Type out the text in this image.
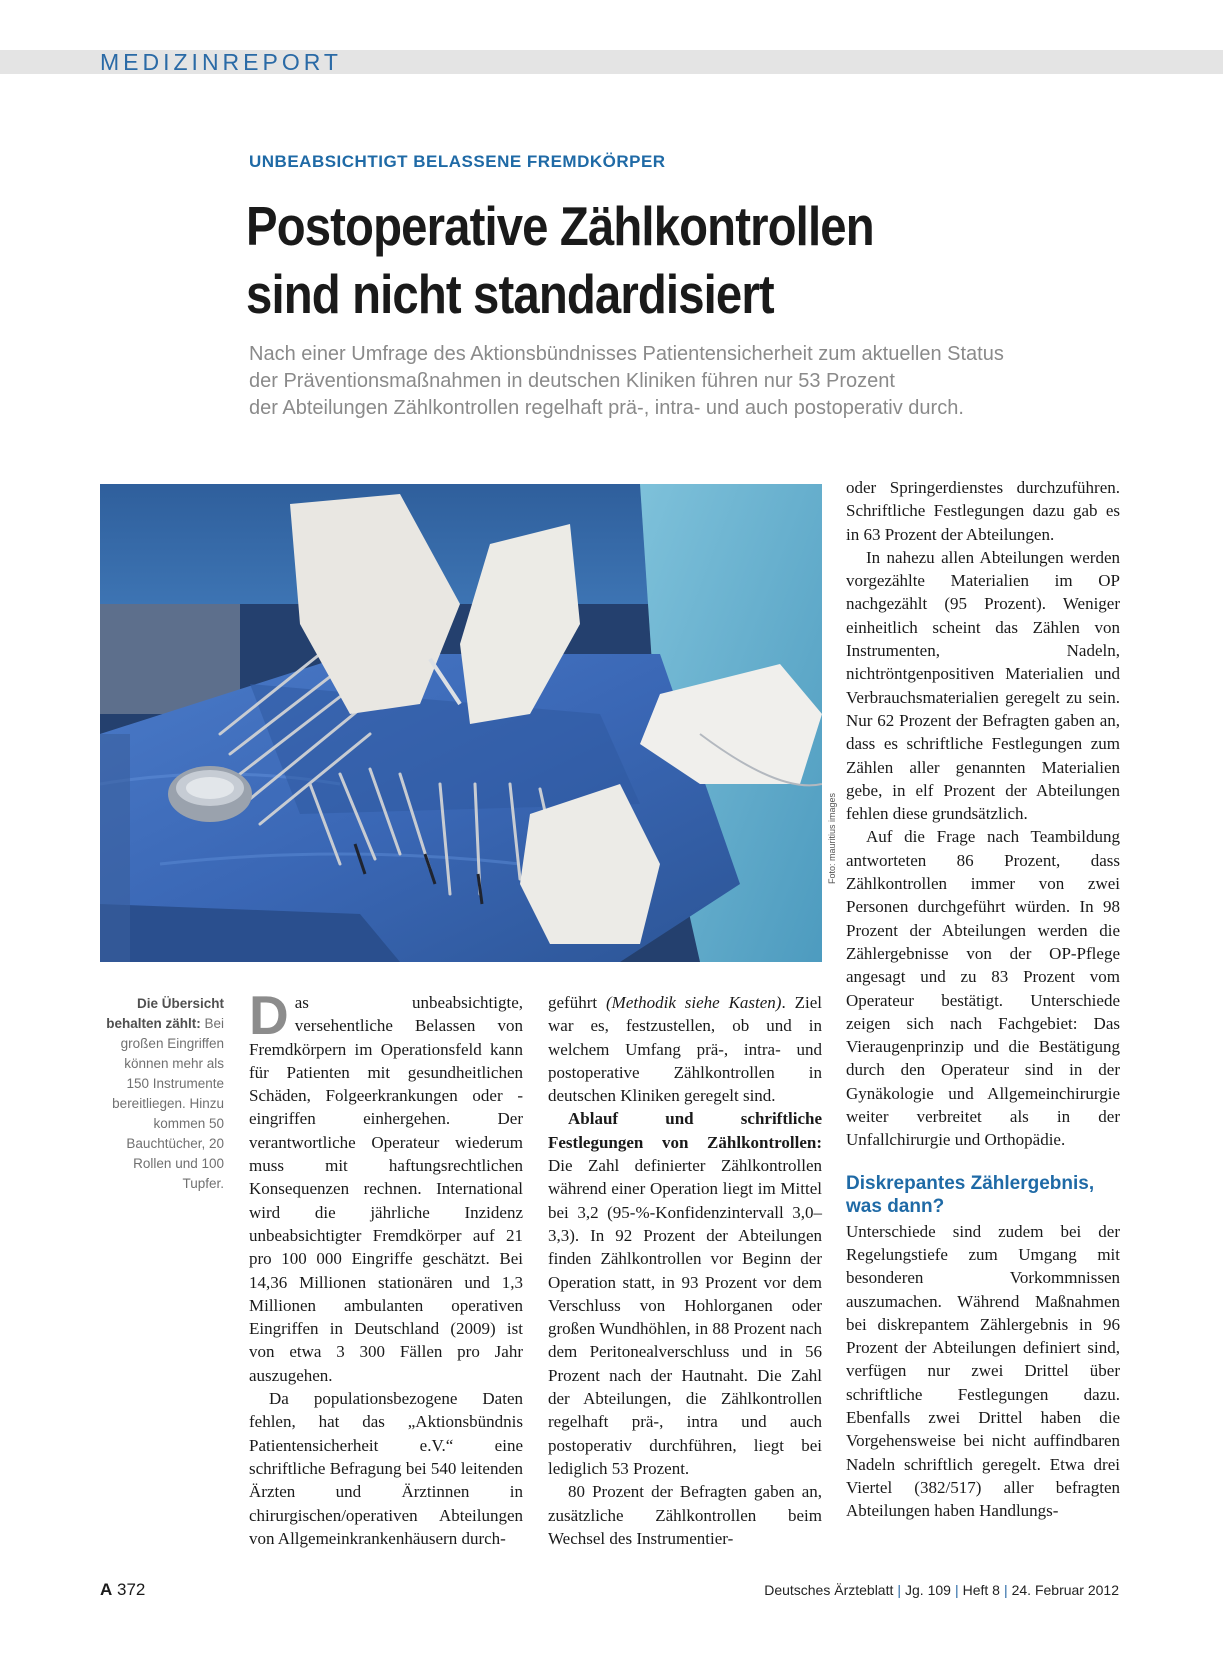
MEDIZINREPORT
UNBEABSICHTIGT BELASSENE FREMDKÖRPER
Postoperative Zählkontrollen
sind nicht standardisiert
Nach einer Umfrage des Aktionsbündnisses Patientensicherheit zum aktuellen Status
der Präventionsmaßnahmen in deutschen Kliniken führen nur 53 Prozent
der Abteilungen Zählkontrollen regelhaft prä-, intra- und auch postoperativ durch.
Foto: mauritius images
Die Übersicht behalten zählt: Bei großen Eingriffen können mehr als 150 Instrumente bereitliegen. Hinzu kommen 50 Bauchtücher, 20 Rollen und 100 Tupfer.

Das unbeabsichtigte, versehentliche Belassen von Fremdkörpern im Operationsfeld kann für Patienten mit gesundheitlichen Schäden, Folgeerkrankungen oder -eingriffen einhergehen. Der verantwortliche Operateur wiederum muss mit haftungsrechtlichen Konsequenzen rechnen. International wird die jährliche Inzidenz unbeabsichtigter Fremdkörper auf 21 pro 100 000 Eingriffe geschätzt. Bei 14,36 Millionen stationären und 1,3 Millionen ambulanten operativen Eingriffen in Deutschland (2009) ist von etwa 3 300 Fällen pro Jahr auszugehen.

Da populationsbezogene Daten fehlen, hat das „Aktionsbündnis Patientensicherheit e.V.“ eine schriftliche Befragung bei 540 leitenden Ärzten und Ärztinnen in chirurgischen/operativen Abteilungen von Allgemeinkrankenhäusern durch-

geführt (Methodik siehe Kasten). Ziel war es, festzustellen, ob und in welchem Umfang prä-, intra- und postoperative Zählkontrollen in deutschen Kliniken geregelt sind.

Ablauf und schriftliche Festlegungen von Zählkontrollen: Die Zahl definierter Zählkontrollen während einer Operation liegt im Mittel bei 3,2 (95-%-Konfidenzintervall 3,0–3,3). In 92 Prozent der Abteilungen finden Zählkontrollen vor Beginn der Operation statt, in 93 Prozent vor dem Verschluss von Hohlorganen oder großen Wundhöhlen, in 88 Prozent nach dem Peritonealverschluss und in 56 Prozent nach der Hautnaht. Die Zahl der Abteilungen, die Zählkontrollen regelhaft prä-, intra und auch postoperativ durchführen, liegt bei lediglich 53 Prozent.

80 Prozent der Befragten gaben an, zusätzliche Zählkontrollen beim Wechsel des Instrumentier-

oder Springerdienstes durchzuführen. Schriftliche Festlegungen dazu gab es in 63 Prozent der Abteilungen.

In nahezu allen Abteilungen werden vorgezählte Materialien im OP nachgezählt (95 Prozent). Weniger einheitlich scheint das Zählen von Instrumenten, Nadeln, nichtröntgenpositiven Materialien und Verbrauchsmaterialien geregelt zu sein. Nur 62 Prozent der Befragten gaben an, dass es schriftliche Festlegungen zum Zählen aller genannten Materialien gebe, in elf Prozent der Abteilungen fehlen diese grundsätzlich.

Auf die Frage nach Teambildung antworteten 86 Prozent, dass Zählkontrollen immer von zwei Personen durchgeführt würden. In 98 Prozent der Abteilungen werden die Zählergebnisse von der OP-Pflege angesagt und zu 83 Prozent vom Operateur bestätigt. Unterschiede zeigen sich nach Fachgebiet: Das Vieraugenprinzip und die Bestätigung durch den Operateur sind in der Gynäkologie und Allgemeinchirurgie weiter verbreitet als in der Unfallchirurgie und Orthopädie.

Diskrepantes Zählergebnis, was dann?

Unterschiede sind zudem bei der Regelungstiefe zum Umgang mit besonderen Vorkommnissen auszumachen. Während Maßnahmen bei diskrepantem Zählergebnis in 96 Prozent der Abteilungen definiert sind, verfügen nur zwei Drittel über schriftliche Festlegungen dazu. Ebenfalls zwei Drittel haben die Vorgehensweise bei nicht auffindbaren Nadeln schriftlich geregelt. Etwa drei Viertel (382/517) aller befragten Abteilungen haben Handlungs-

A 372	Deutsches Ärzteblatt | Jg. 109 | Heft 8 | 24. Februar 2012
